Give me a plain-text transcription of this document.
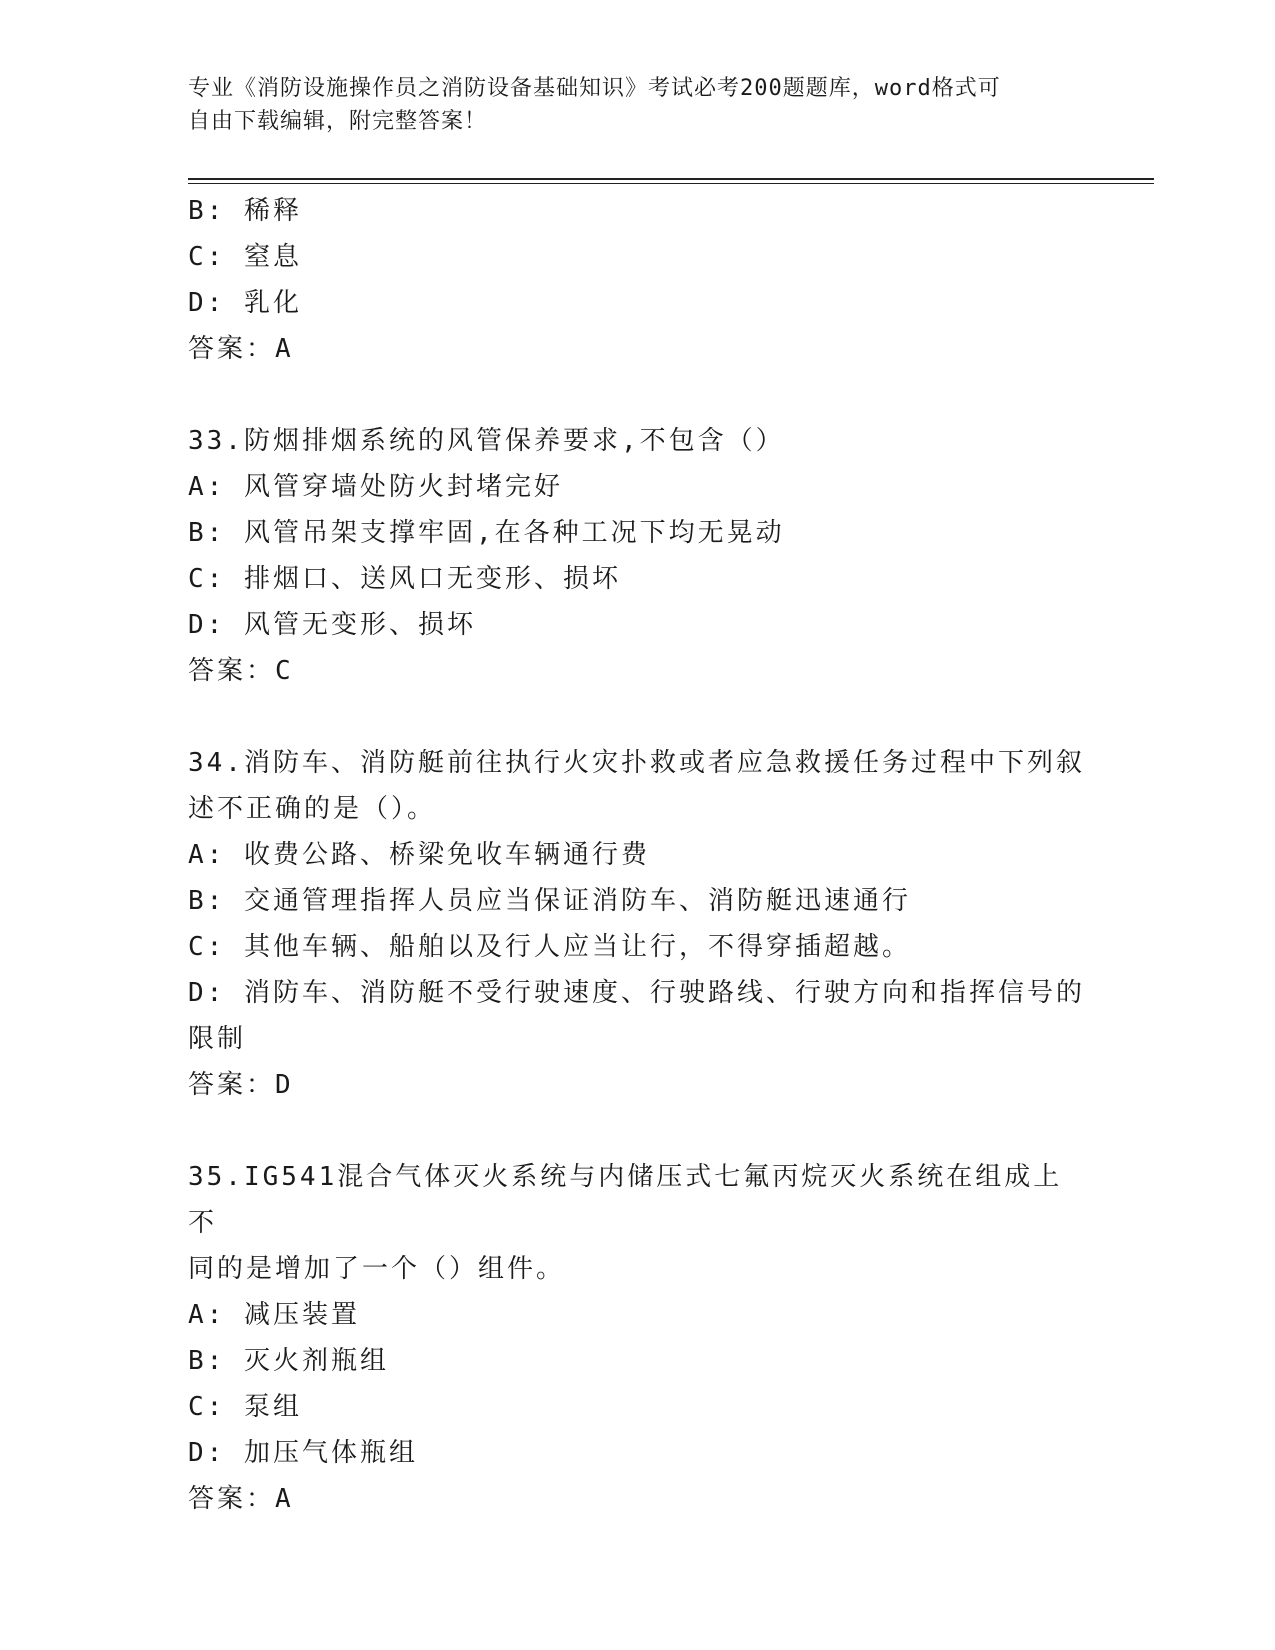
专业《消防设施操作员之消防设备基础知识》考试必考200题题库，word格式可
自由下载编辑，附完整答案！

B: 稀释

C: 窒息

D: 乳化

答案：A

33.防烟排烟系统的风管保养要求,不包含（）

A: 风管穿墙处防火封堵完好

B: 风管吊架支撑牢固,在各种工况下均无晃动

C: 排烟口、送风口无变形、损坏

D: 风管无变形、损坏

答案：C

34.消防车、消防艇前往执行火灾扑救或者应急救援任务过程中下列叙

述不正确的是（）。

A: 收费公路、桥梁免收车辆通行费

B: 交通管理指挥人员应当保证消防车、消防艇迅速通行

C: 其他车辆、船舶以及行人应当让行，不得穿插超越。

D: 消防车、消防艇不受行驶速度、行驶路线、行驶方向和指挥信号的

限制

答案：D

35.IG541混合气体灭火系统与内储压式七氟丙烷灭火系统在组成上不

同的是增加了一个（）组件。

A: 减压装置

B: 灭火剂瓶组

C: 泵组

D: 加压气体瓶组

答案：A
